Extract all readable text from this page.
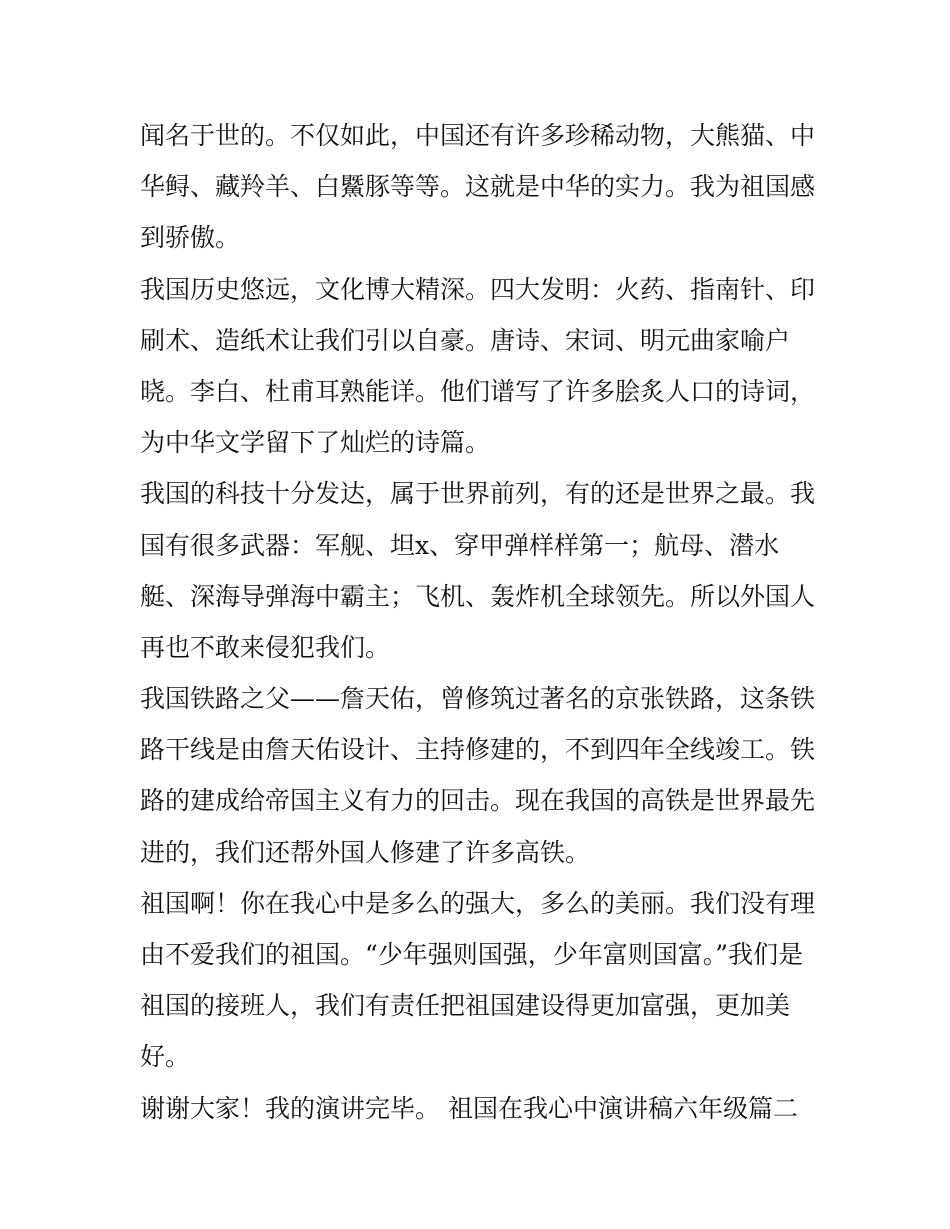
闻名于世的。不仅如此，中国还有许多珍稀动物，大熊猫、中
华鲟、藏羚羊、白鱀豚等等。这就是中华的实力。我为祖国感
到骄傲。
我国历史悠远，文化博大精深。四大发明：火药、指南针、印
刷术、造纸术让我们引以自豪。唐诗、宋词、明元曲家喻户
晓。李白、杜甫耳熟能详。他们谱写了许多脍炙人口的诗词，
为中华文学留下了灿烂的诗篇。
我国的科技十分发达，属于世界前列，有的还是世界之最。我
国有很多武器：军舰、坦x、穿甲弹样样第一；航母、潜水
艇、深海导弹海中霸主；飞机、轰炸机全球领先。所以外国人
再也不敢来侵犯我们。
我国铁路之父——詹天佑，曾修筑过著名的京张铁路，这条铁
路干线是由詹天佑设计、主持修建的，不到四年全线竣工。铁
路的建成给帝国主义有力的回击。现在我国的高铁是世界最先
进的，我们还帮外国人修建了许多高铁。
祖国啊！你在我心中是多么的强大，多么的美丽。我们没有理
由不爱我们的祖国。“少年强则国强，少年富则国富。”我们是
祖国的接班人，我们有责任把祖国建设得更加富强，更加美
好。
谢谢大家！我的演讲完毕。 祖国在我心中演讲稿六年级篇二
